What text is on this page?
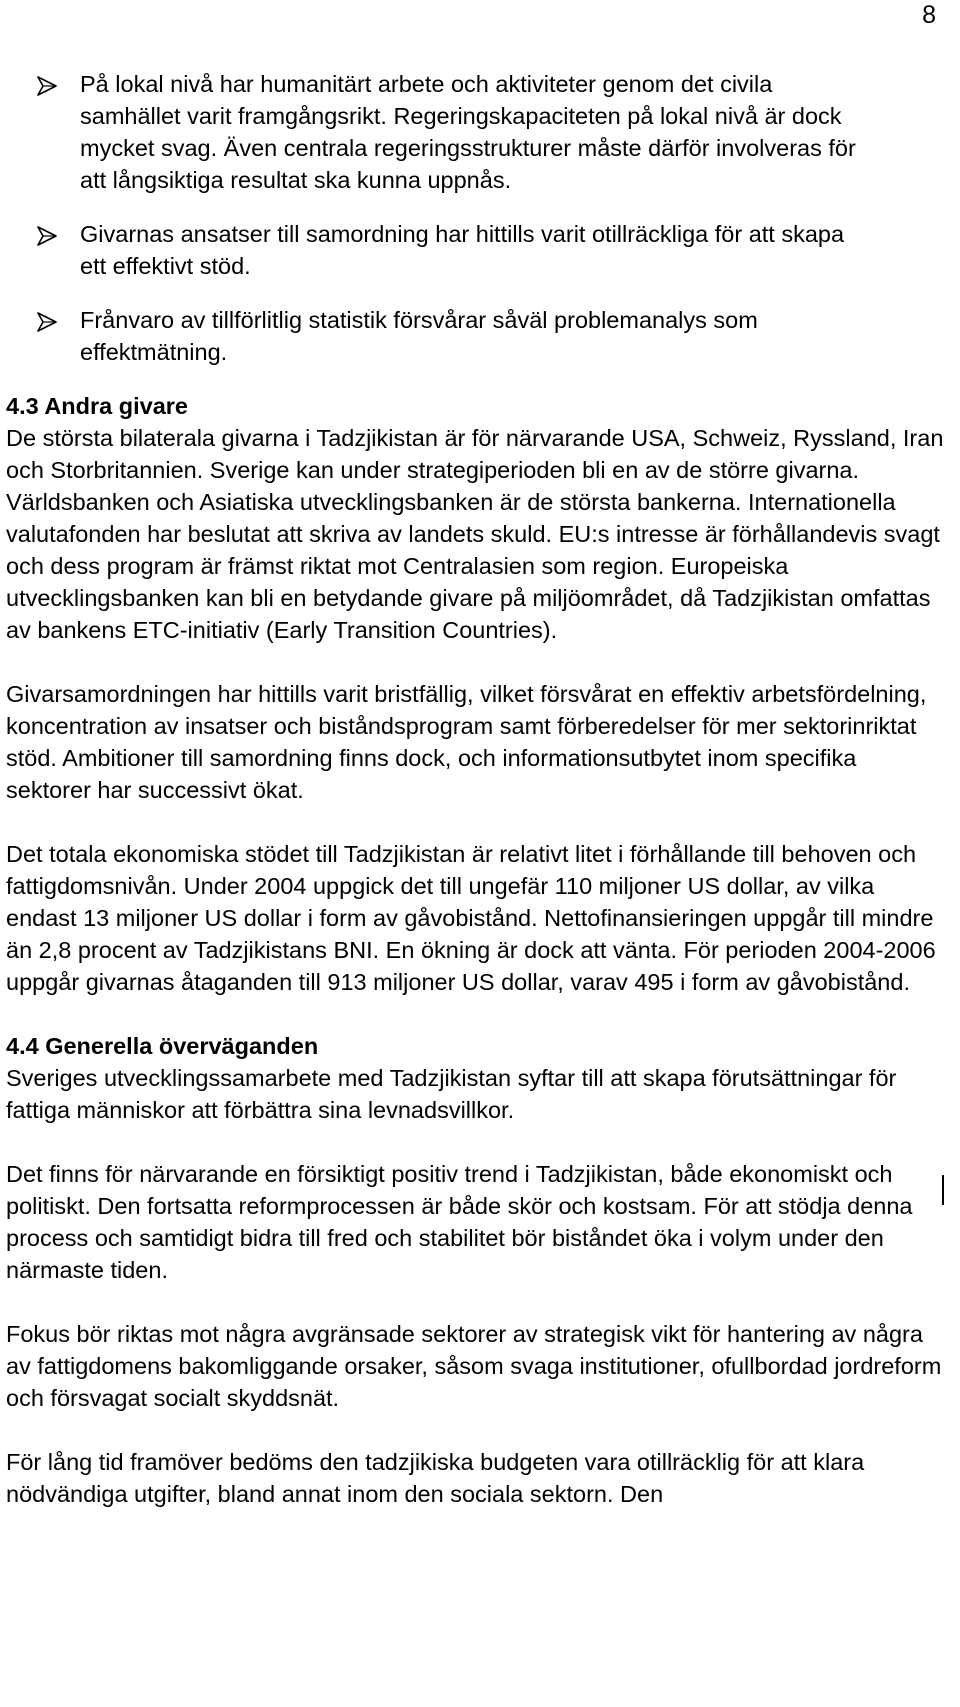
8
På lokal nivå har humanitärt arbete och aktiviteter genom det civila samhället varit framgångsrikt. Regeringskapaciteten på lokal nivå är dock mycket svag. Även centrala regeringsstrukturer måste därför involveras för att långsiktiga resultat ska kunna uppnås.
Givarnas ansatser till samordning har hittills varit otillräckliga för att skapa ett effektivt stöd.
Frånvaro av tillförlitlig statistik försvårar såväl problemanalys som effektmätning.
4.3 Andra givare

De största bilaterala givarna i Tadzjikistan är för närvarande USA, Schweiz, Ryssland, Iran och Storbritannien. Sverige kan under strategiperioden bli en av de större givarna. Världsbanken och Asiatiska utvecklingsbanken är de största bankerna. Internationella valutafonden har beslutat att skriva av landets skuld. EU:s intresse är förhållandevis svagt och dess program är främst riktat mot Centralasien som region. Europeiska utvecklingsbanken kan bli en betydande givare på miljöområdet, då Tadzjikistan omfattas av bankens ETC-initiativ (Early Transition Countries).

Givarsamordningen har hittills varit bristfällig, vilket försvårat en effektiv arbetsfördelning, koncentration av insatser och biståndsprogram samt förberedelser för mer sektorinriktat stöd. Ambitioner till samordning finns dock, och informationsutbytet inom specifika sektorer har successivt ökat.

Det totala ekonomiska stödet till Tadzjikistan är relativt litet i förhållande till behoven och fattigdomsnivån. Under 2004 uppgick det till ungefär 110 miljoner US dollar, av vilka endast 13 miljoner US dollar i form av gåvobistånd. Nettofinansieringen uppgår till mindre än 2,8 procent av Tadzjikistans BNI. En ökning är dock att vänta. För perioden 2004-2006 uppgår givarnas åtaganden till 913 miljoner US dollar, varav 495 i form av gåvobistånd.

4.4 Generella överväganden

Sveriges utvecklingssamarbete med Tadzjikistan syftar till att skapa förutsättningar för fattiga människor att förbättra sina levnadsvillkor.

Det finns för närvarande en försiktigt positiv trend i Tadzjikistan, både ekonomiskt och politiskt. Den fortsatta reformprocessen är både skör och kostsam. För att stödja denna process och samtidigt bidra till fred och stabilitet bör biståndet öka i volym under den närmaste tiden.

Fokus bör riktas mot några avgränsade sektorer av strategisk vikt för hantering av några av fattigdomens bakomliggande orsaker, såsom svaga institutioner, ofullbordad jordreform och försvagat socialt skyddsnät.

För lång tid framöver bedöms den tadzjikiska budgeten vara otillräcklig för att klara nödvändiga utgifter, bland annat inom den sociala sektorn. Den
